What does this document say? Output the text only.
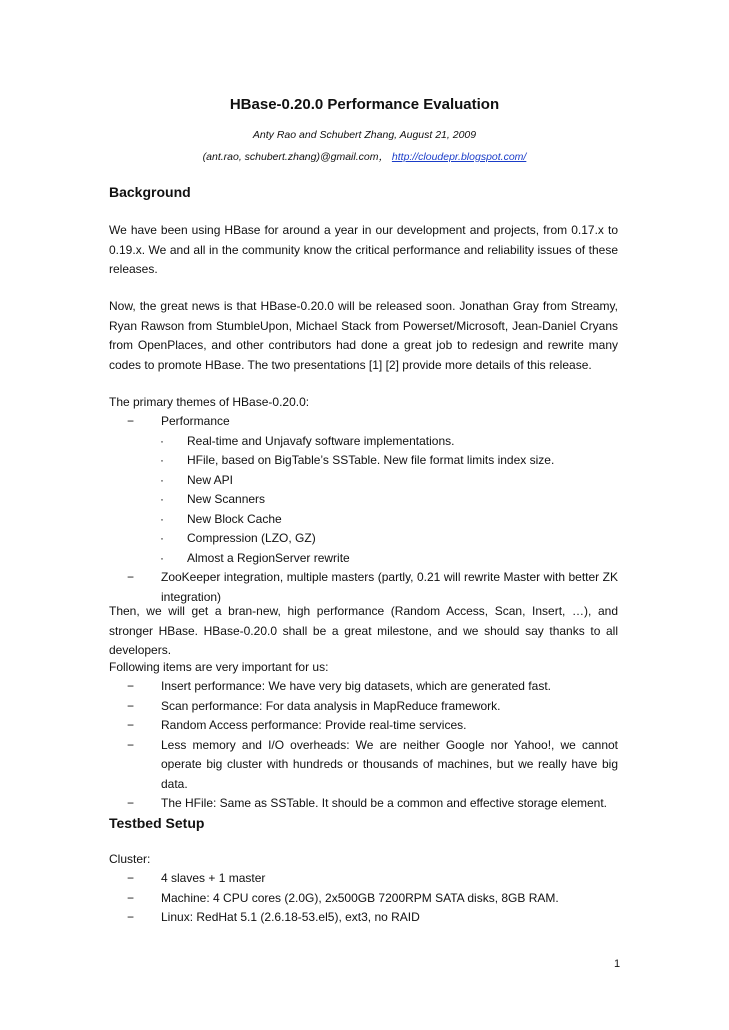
HBase-0.20.0 Performance Evaluation
Anty Rao and Schubert Zhang, August 21, 2009
(ant.rao, schubert.zhang)@gmail.com， http://cloudepr.blogspot.com/
Background

We have been using HBase for around a year in our development and projects, from 0.17.x to 0.19.x. We and all in the community know the critical performance and reliability issues of these releases.

Now, the great news is that HBase-0.20.0 will be released soon. Jonathan Gray from Streamy, Ryan Rawson from StumbleUpon, Michael Stack from Powerset/Microsoft, Jean-Daniel Cryans from OpenPlaces, and other contributors had done a great job to redesign and rewrite many codes to promote HBase. The two presentations [1] [2] provide more details of this release.

The primary themes of HBase-0.20.0:

− Performance
· Real-time and Unjavafy software implementations.
· HFile, based on BigTable’s SSTable. New file format limits index size.
· New API
· New Scanners
· New Block Cache
· Compression (LZO, GZ)
· Almost a RegionServer rewrite
− ZooKeeper integration, multiple masters (partly, 0.21 will rewrite Master with better ZK integration)

Then, we will get a bran-new, high performance (Random Access, Scan, Insert, …), and stronger HBase. HBase-0.20.0 shall be a great milestone, and we should say thanks to all developers.

Following items are very important for us:

− Insert performance: We have very big datasets, which are generated fast.
− Scan performance: For data analysis in MapReduce framework.
− Random Access performance: Provide real-time services.
− Less memory and I/O overheads: We are neither Google nor Yahoo!, we cannot operate big cluster with hundreds or thousands of machines, but we really have big data.
− The HFile: Same as SSTable. It should be a common and effective storage element.
Testbed Setup

Cluster:

− 4 slaves + 1 master
− Machine: 4 CPU cores (2.0G), 2x500GB 7200RPM SATA disks, 8GB RAM.
− Linux: RedHat 5.1 (2.6.18-53.el5), ext3, no RAID
1
